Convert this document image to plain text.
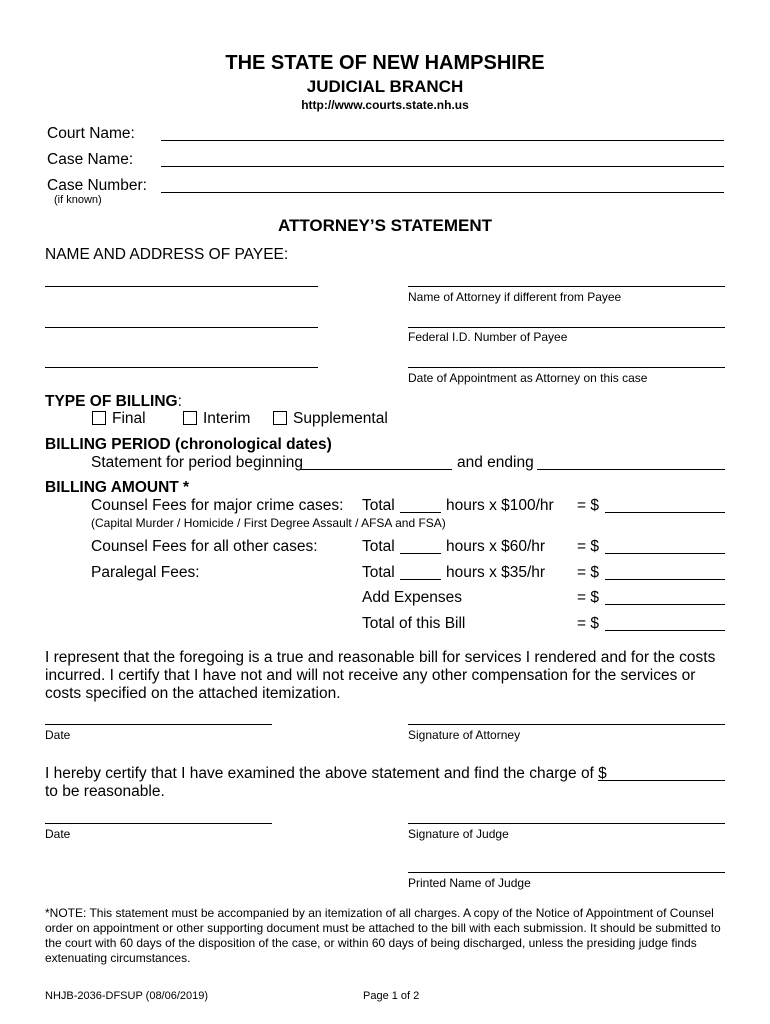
THE STATE OF NEW HAMPSHIRE
JUDICIAL BRANCH
http://www.courts.state.nh.us
Court Name:
Case Name:
Case Number:
(if known)
ATTORNEY’S STATEMENT
NAME AND ADDRESS OF PAYEE:
Name of Attorney if different from Payee
Federal I.D. Number of Payee
Date of Appointment as Attorney on this case
TYPE OF BILLING:
Final	Interim	Supplemental
BILLING PERIOD (chronological dates)
Statement for period beginning	and ending
BILLING AMOUNT *
Counsel Fees for major crime cases: Total	hours x $100/hr = $
(Capital Murder / Homicide / First Degree Assault / AFSA and FSA)
Counsel Fees for all other cases:	Total	hours x $60/hr = $
Paralegal Fees:	Total	hours x $35/hr = $
Add Expenses	= $
Total of this Bill	= $
I represent that the foregoing is a true and reasonable bill for services I rendered and for the costs incurred. I certify that I have not and will not receive any other compensation for the services or costs specified on the attached itemization.
Date	Signature of Attorney
I hereby certify that I have examined the above statement and find the charge of $
to be reasonable.
Date	Signature of Judge
Printed Name of Judge
*NOTE: This statement must be accompanied by an itemization of all charges. A copy of the Notice of Appointment of Counsel order on appointment or other supporting document must be attached to the bill with each submission. It should be submitted to the court with 60 days of the disposition of the case, or within 60 days of being discharged, unless the presiding judge finds extenuating circumstances.
NHJB-2036-DFSUP (08/06/2019)	Page 1 of 2
